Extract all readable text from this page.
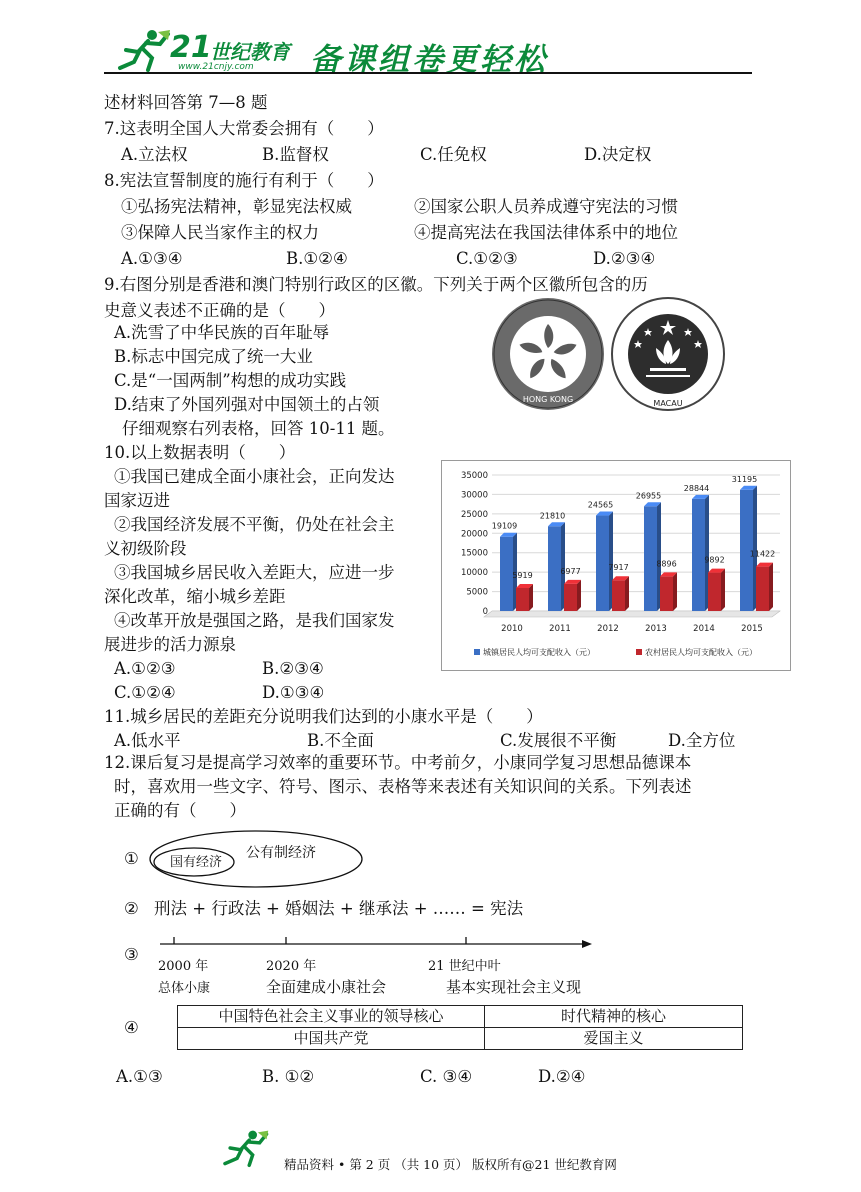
21
世纪教育
www.21cnjy.com 备课组卷更轻松
述材料回答第 7—8 题
7.这表明全国人大常委会拥有（　　）
A.立法权	B.监督权	C.任免权	D.决定权
8.宪法宣誓制度的施行有利于（　　）
①弘扬宪法精神，彰显宪法权威	②国家公职人员养成遵守宪法的习惯
③保障人民当家作主的权力	④提高宪法在我国法律体系中的地位
A.①③④	B.①②④	C.①②③	D.②③④
9.右图分别是香港和澳门特别行政区的区徽。下列关于两个区徽所包含的历
史意义表述不正确的是（　　）
A.洗雪了中华民族的百年耻辱
B.标志中国完成了统一大业
C.是“一国两制”构想的成功实践
D.结束了外国列强对中国领土的占领	HONG KONG	MACAU
仔细观察右列表格，回答 10-11 题。
10.以上数据表明（　　）
①我国已建成全面小康社会，正向发达
国家迈进
②我国经济发展不平衡，仍处在社会主
义初级阶段
③我国城乡居民收入差距大，应进一步
深化改革，缩小城乡差距
④改革开放是强国之路，是我们国家发
展进步的活力源泉
A.①②③	B.②③④
C.①②④	D.①③④
0
5000
10000
15000
20000
25000
30000
35000
19109
5919
2010
21810
6977
2011
24565
7917
2012
26955
8896
2013
28844
9892
2014
31195
11422
2015
城镇居民人均可支配收入（元）	农村居民人均可支配收入（元）
11.城乡居民的差距充分说明我们达到的小康水平是（　　）
A.低水平	B.不全面	C.发展很不平衡	D.全方位
12.课后复习是提高学习效率的重要环节。中考前夕，小康同学复习思想品德课本
时，喜欢用一些文字、符号、图示、表格等来表述有关知识间的关系。下列表述
正确的有（　　）
①	公有制经济
国有经济
② 刑法 + 行政法 + 婚姻法 + 继承法 + …… = 宪法
③
2000 年	2020 年	21 世纪中叶
总体小康	全面建成小康社会	基本实现社会主义现
④
中国特色社会主义事业的领导核心	时代精神的核心
中国共产党	爱国主义
A.①③	B. ①②	C. ③④	D.②④
精品资料 • 第 2 页 （共 10 页） 版权所有@21 世纪教育网
